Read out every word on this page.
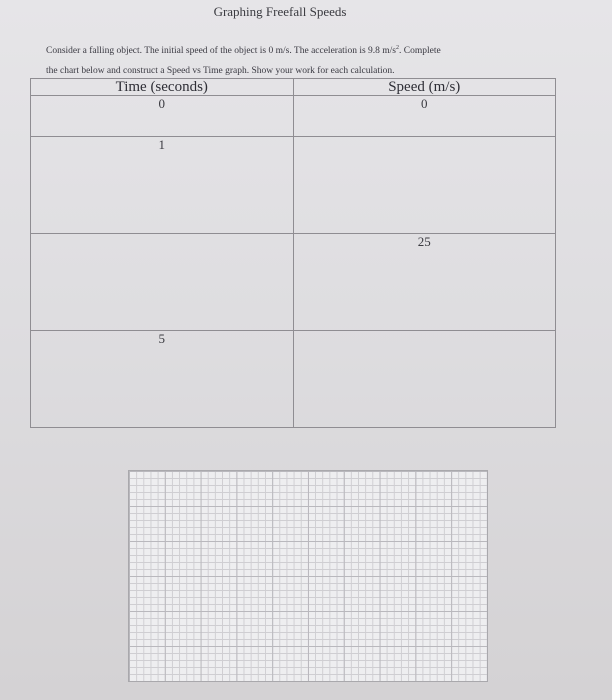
Graphing Freefall Speeds
Consider a falling object. The initial speed of the object is 0 m/s. The acceleration is 9.8 $m/s^2$. Complete
the chart below and construct a Speed vs Time graph. Show your work for each calculation.
Time (seconds)	Speed (m/s)
0	0
1	
	25
5	
